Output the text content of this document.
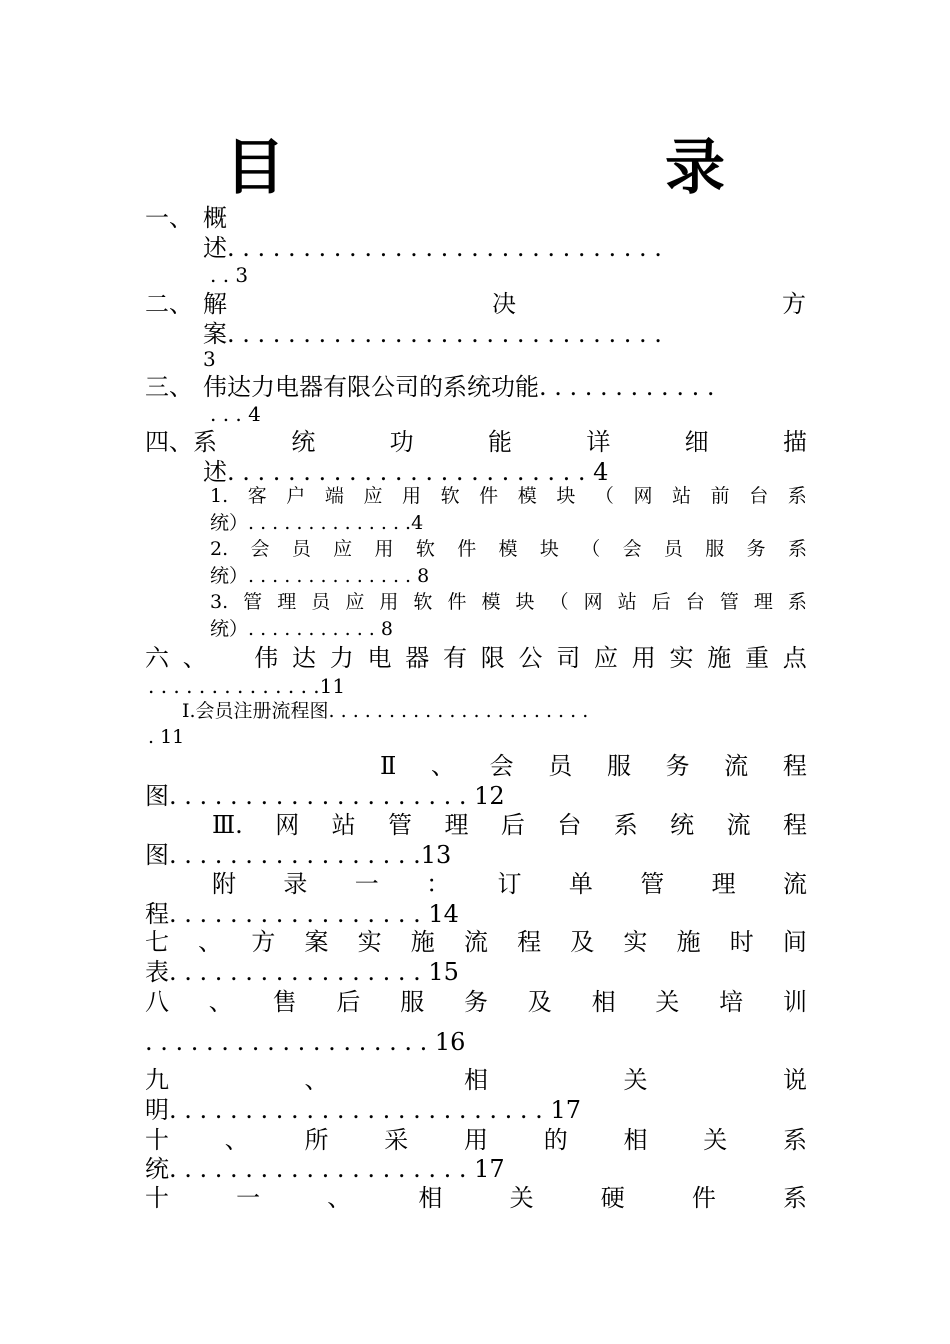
目　录
一、 概
述. . . . . . . . . . . . . . . . . . . . . . . . . . . . .
. . 3
二、 解	决	方
案. . . . . . . . . . . . . . . . . . . . . . . . . . . . .
3
三、 伟达力电器有限公司的系统功能. . . . . . . . . . . .
. . . 4
四、系	统	功	能	详	细	描
述. . . . . . . . . . . . . . . . . . . . . . . . 4
1. 客 户 端 应 用 软 件 模 块 （ 网 站 前 台 系
统）. . . . . . . . . . . . . .4
2. 会 员 应 用 软 件 模 块 （ 会 员 服 务 系
统）. . . . . . . . . . . . . . 8
3. 管 理 员 应 用 软 件 模 块 （ 网 站 后 台 管 理 系
统）. . . . . . . . . . . 8
六 、 伟 达 力 电 器 有 限 公 司 应 用 实 施 重 点
. . . . . . . . . . . . . .11
I.会员注册流程图. . . . . . . . . . . . . . . . . . . . . .
. 11
Ⅱ 、 会 员 服 务 流 程
图. . . . . . . . . . . . . . . . . . . . 12
Ⅲ. 网 站 管 理 后 台 系 统 流 程
图. . . . . . . . . . . . . . . . .13
附 录 一 ： 订 单 管 理 流
程. . . . . . . . . . . . . . . . . 14
七 、 方 案 实 施 流 程 及 实 施 时 间
表. . . . . . . . . . . . . . . . . 15
八 、 售 后 服 务 及 相 关 培 训
. . . . . . . . . . . . . . . . . . . 16
九	、	相	关	说
明. . . . . . . . . . . . . . . . . . . . . . . . . 17
十 、 所 采 用 的 相 关 系
统. . . . . . . . . . . . . . . . . . . . 17
十	一	、	相	关	硬	件	系
